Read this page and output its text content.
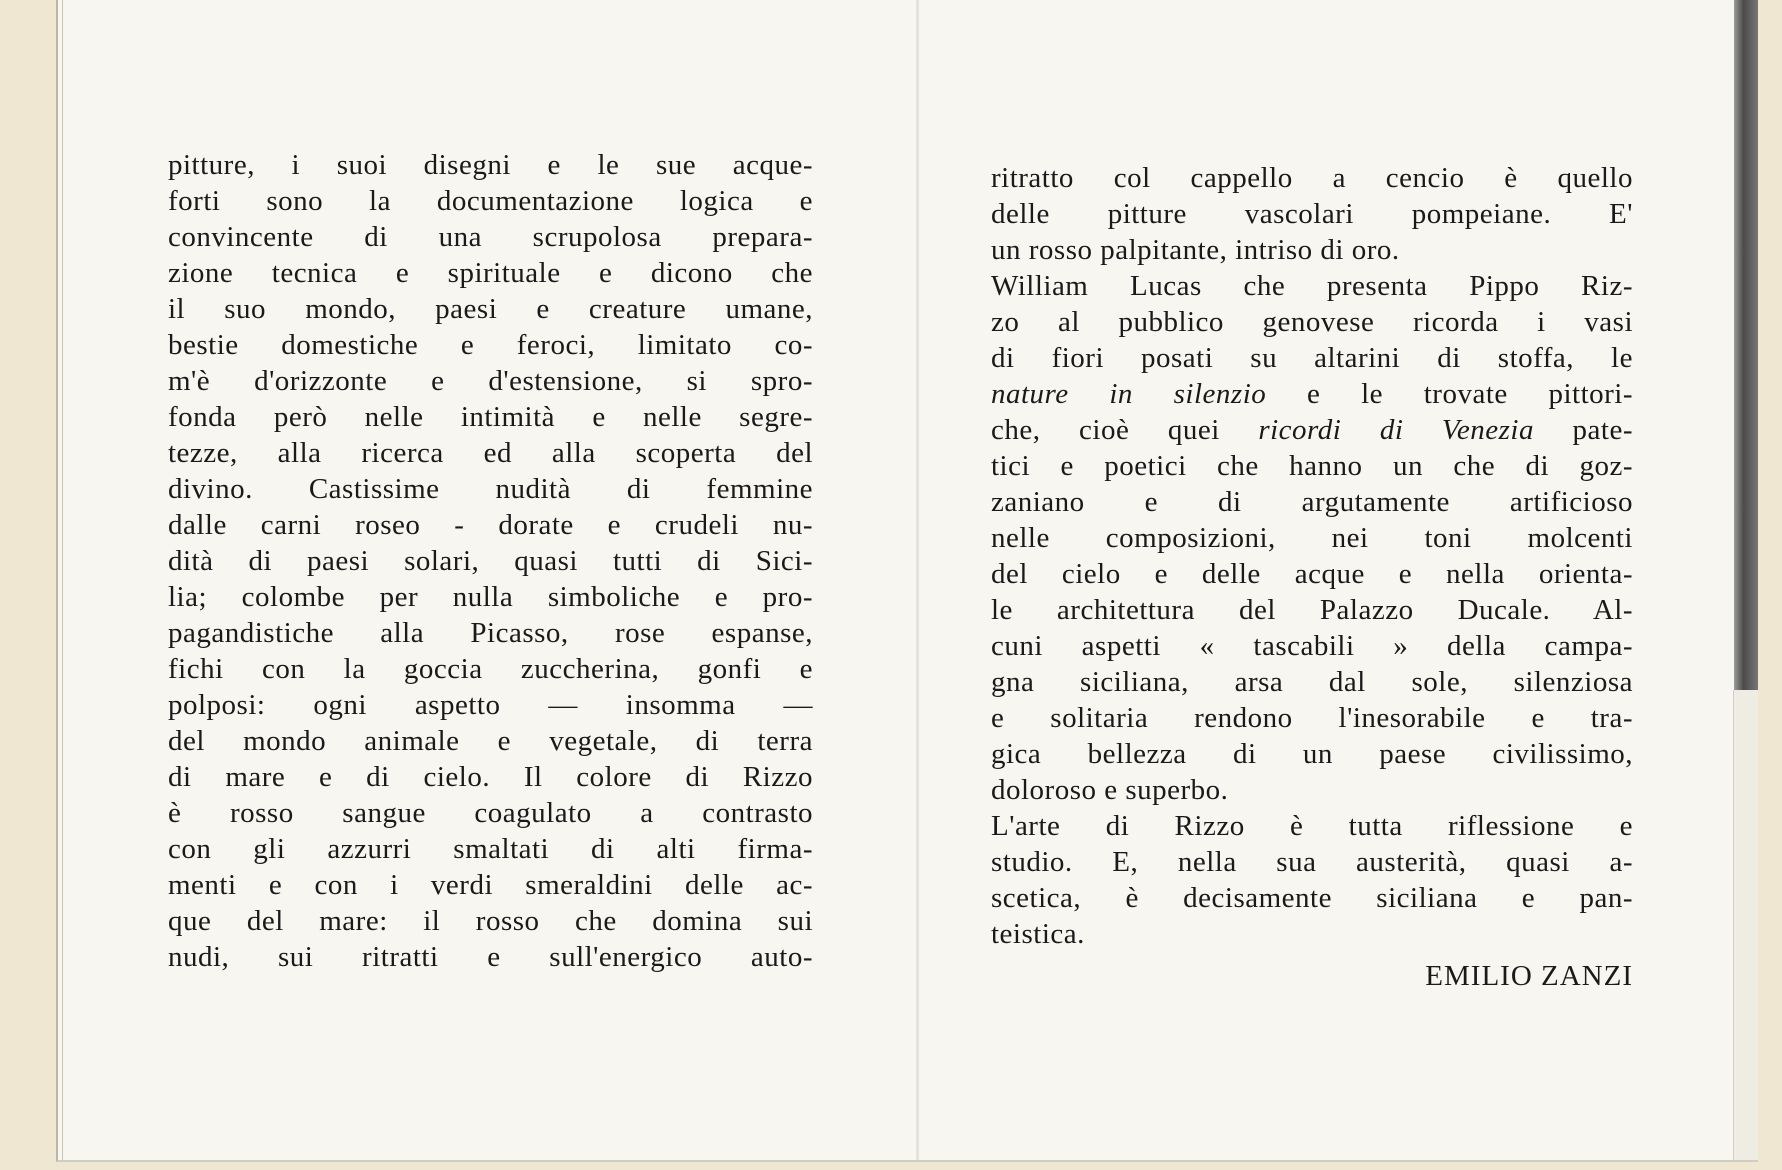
pitture, i suoi disegni e le sue acque-
forti sono la documentazione logica e
convincente di una scrupolosa prepara-
zione tecnica e spirituale e dicono che
il suo mondo, paesi e creature umane,
bestie domestiche e feroci, limitato co-
m'è d'orizzonte e d'estensione, si spro-
fonda però nelle intimità e nelle segre-
tezze, alla ricerca ed alla scoperta del
divino. Castissime nudità di femmine
dalle carni roseo - dorate e crudeli nu-
dità di paesi solari, quasi tutti di Sici-
lia; colombe per nulla simboliche e pro-
pagandistiche alla Picasso, rose espanse,
fichi con la goccia zuccherina, gonfi e
polposi: ogni aspetto — insomma —
del mondo animale e vegetale, di terra
di mare e di cielo. Il colore di Rizzo
è rosso sangue coagulato a contrasto
con gli azzurri smaltati di alti firma-
menti e con i verdi smeraldini delle ac-
que del mare: il rosso che domina sui
nudi, sui ritratti e sull'energico auto-
ritratto col cappello a cencio è quello
delle pitture vascolari pompeiane. E'
un rosso palpitante, intriso di oro.
William Lucas che presenta Pippo Riz-
zo al pubblico genovese ricorda i vasi
di fiori posati su altarini di stoffa, le
nature in silenzio e le trovate pittori-
che, cioè quei ricordi di Venezia pate-
tici e poetici che hanno un che di goz-
zaniano e di argutamente artificioso
nelle composizioni, nei toni molcenti
del cielo e delle acque e nella orienta-
le architettura del Palazzo Ducale. Al-
cuni aspetti « tascabili » della campa-
gna siciliana, arsa dal sole, silenziosa
e solitaria rendono l'inesorabile e tra-
gica bellezza di un paese civilissimo,
doloroso e superbo.
L'arte di Rizzo è tutta riflessione e
studio. E, nella sua austerità, quasi a-
scetica, è decisamente siciliana e pan-
teistica.
EMILIO ZANZI
